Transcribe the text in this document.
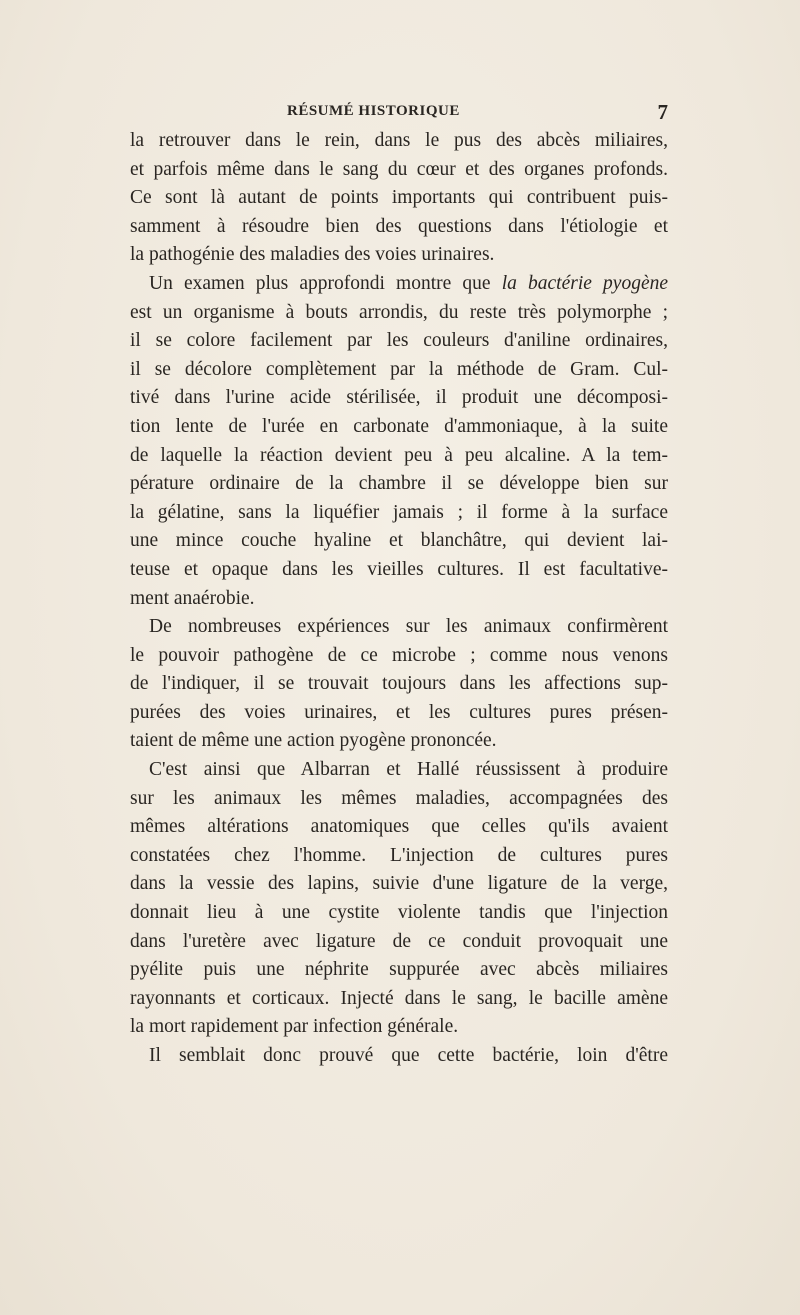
RÉSUMÉ HISTORIQUE	7
la retrouver dans le rein, dans le pus des abcès miliaires,
et parfois même dans le sang du cœur et des organes profonds.
Ce sont là autant de points importants qui contribuent puis-
samment à résoudre bien des questions dans l'étiologie et
la pathogénie des maladies des voies urinaires.
Un examen plus approfondi montre que la bactérie pyogène
est un organisme à bouts arrondis, du reste très polymorphe ;
il se colore facilement par les couleurs d'aniline ordinaires,
il se décolore complètement par la méthode de Gram. Cul-
tivé dans l'urine acide stérilisée, il produit une décomposi-
tion lente de l'urée en carbonate d'ammoniaque, à la suite
de laquelle la réaction devient peu à peu alcaline. A la tem-
pérature ordinaire de la chambre il se développe bien sur
la gélatine, sans la liquéfier jamais ; il forme à la surface
une mince couche hyaline et blanchâtre, qui devient lai-
teuse et opaque dans les vieilles cultures. Il est facultative-
ment anaérobie.
De nombreuses expériences sur les animaux confirmèrent
le pouvoir pathogène de ce microbe ; comme nous venons
de l'indiquer, il se trouvait toujours dans les affections sup-
purées des voies urinaires, et les cultures pures présen-
taient de même une action pyogène prononcée.
C'est ainsi que Albarran et Hallé réussissent à produire
sur les animaux les mêmes maladies, accompagnées des
mêmes altérations anatomiques que celles qu'ils avaient
constatées chez l'homme. L'injection de cultures pures
dans la vessie des lapins, suivie d'une ligature de la verge,
donnait lieu à une cystite violente tandis que l'injection
dans l'uretère avec ligature de ce conduit provoquait une
pyélite puis une néphrite suppurée avec abcès miliaires
rayonnants et corticaux. Injecté dans le sang, le bacille amène
la mort rapidement par infection générale.
Il semblait donc prouvé que cette bactérie, loin d'être
